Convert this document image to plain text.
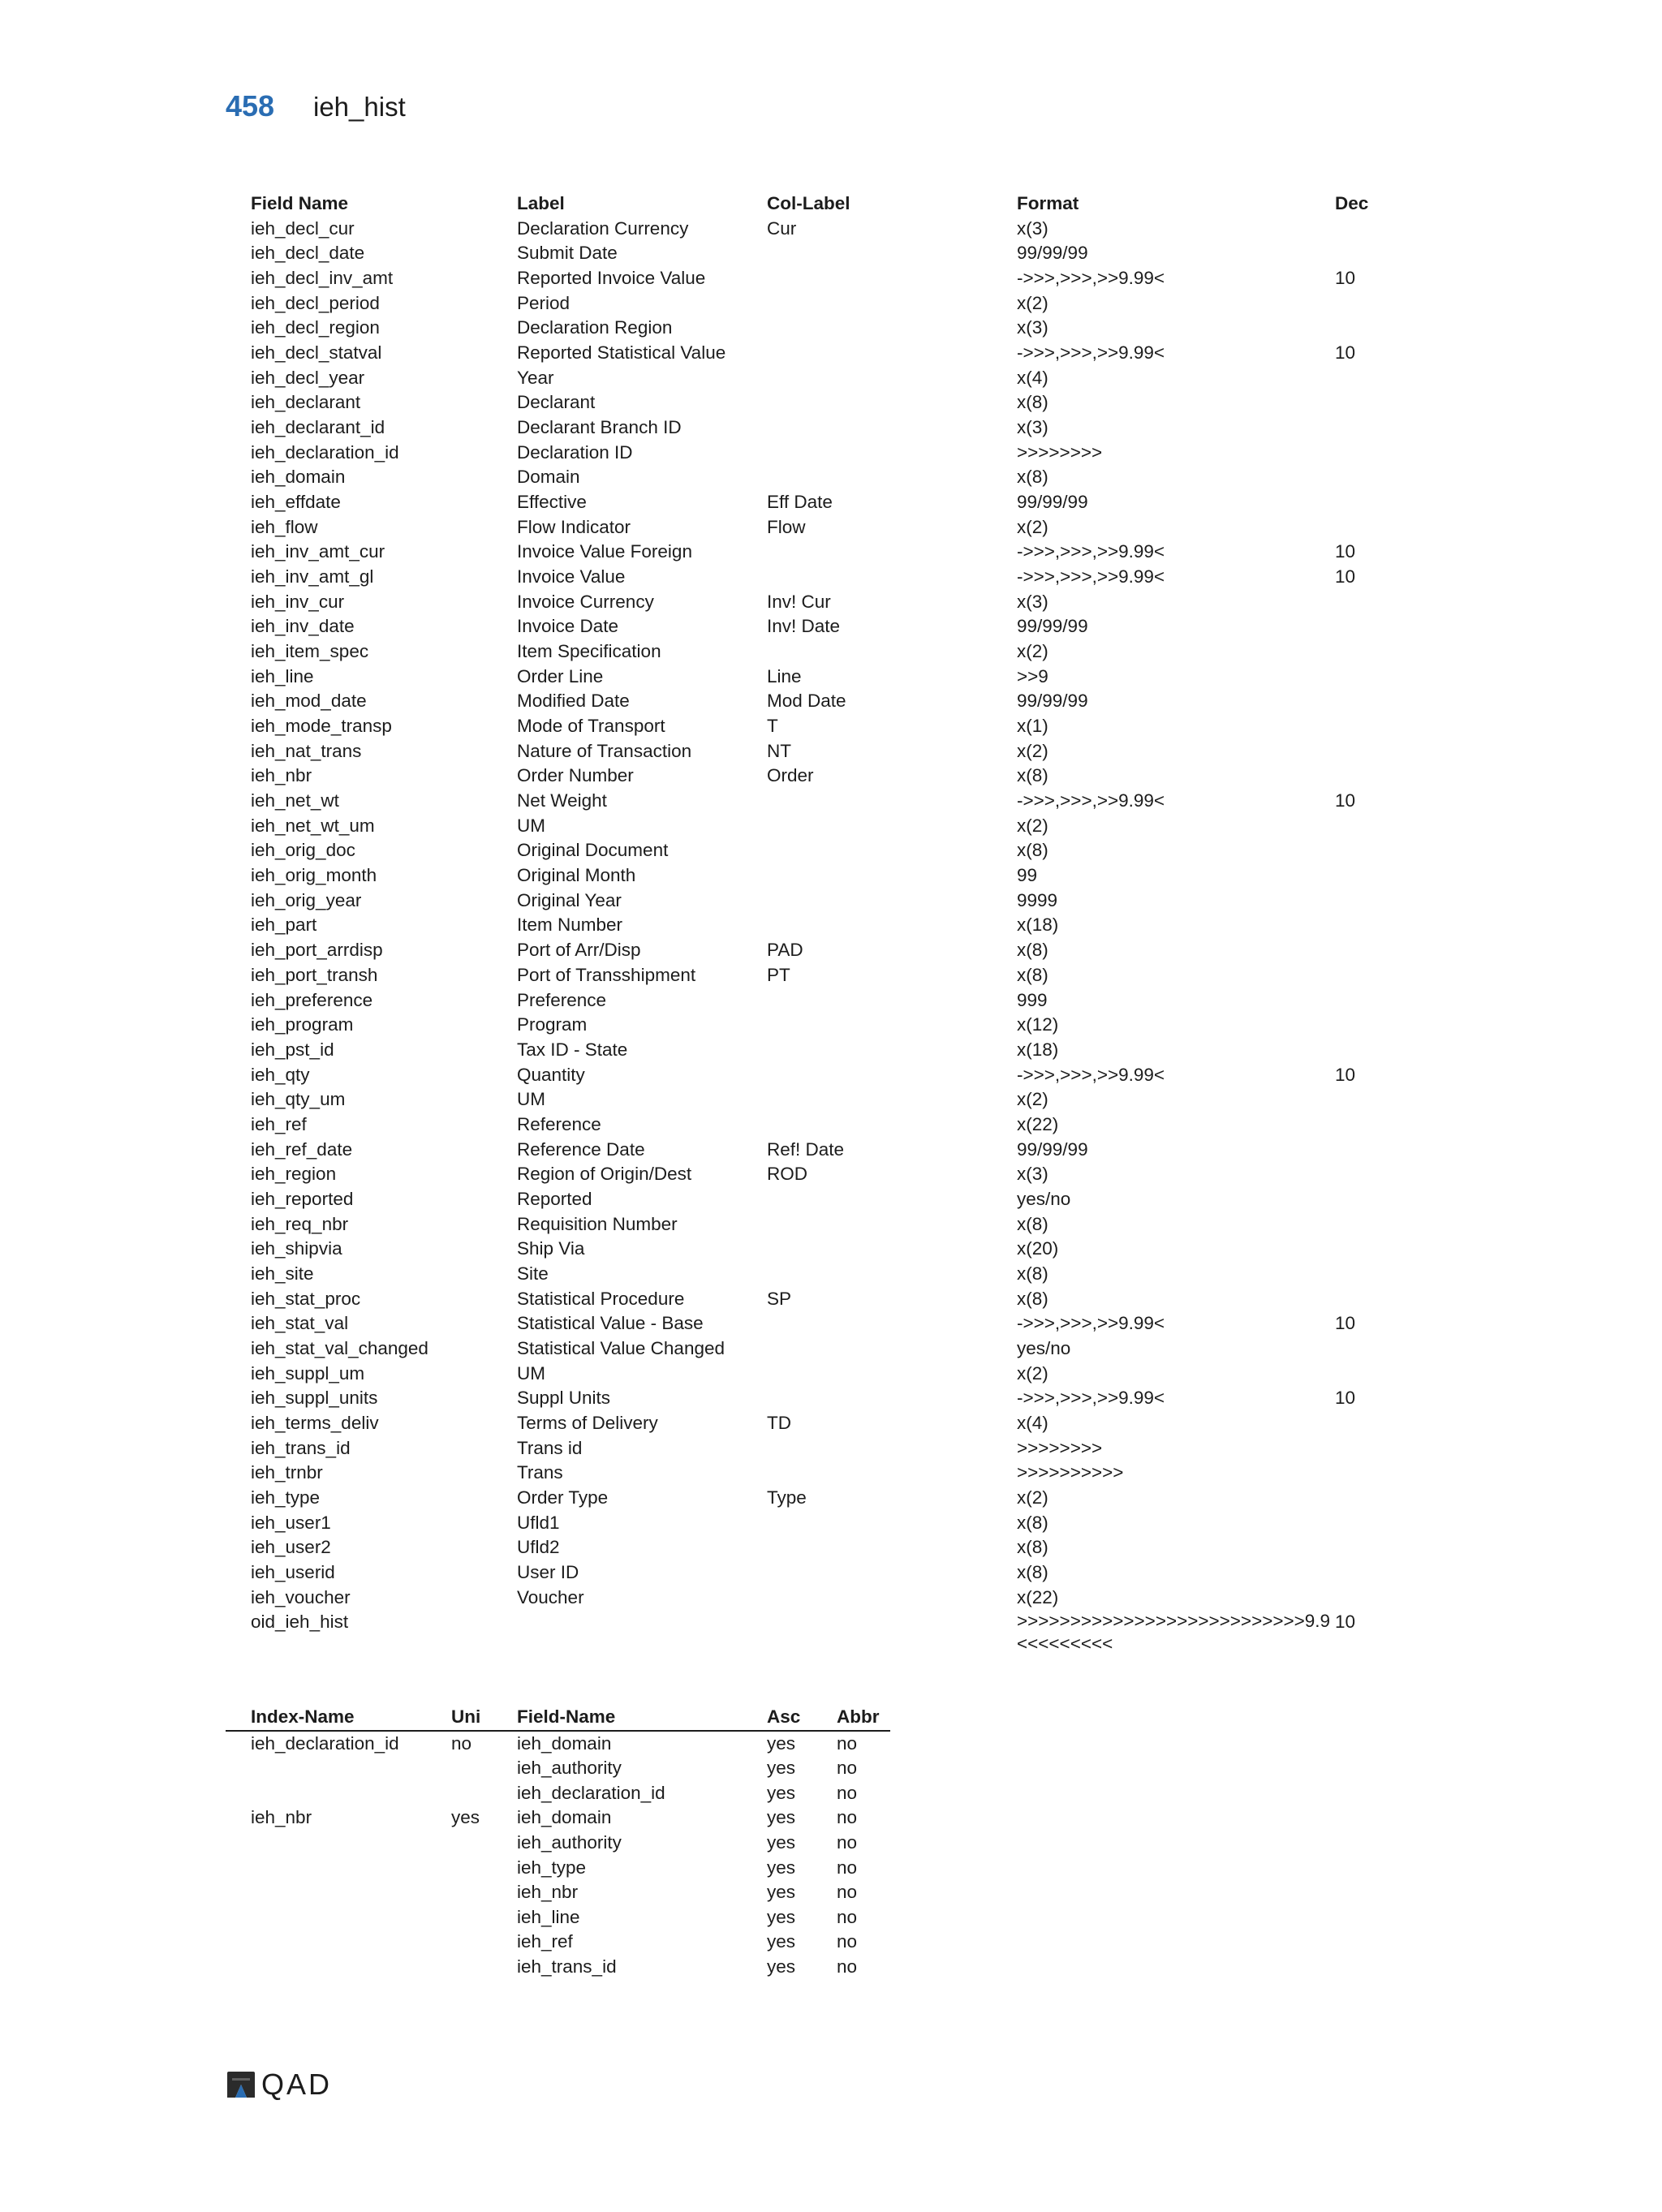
458	ieh_hist
	Field Name	Label	Col-Label	Format	Dec
	ieh_decl_cur	Declaration Currency	Cur	x(3)	
	ieh_decl_date	Submit Date		99/99/99	
	ieh_decl_inv_amt	Reported Invoice Value		->>>,>>>,>>9.99<	10
	ieh_decl_period	Period		x(2)	
	ieh_decl_region	Declaration Region		x(3)	
	ieh_decl_statval	Reported Statistical Value		->>>,>>>,>>9.99<	10
	ieh_decl_year	Year		x(4)	
	ieh_declarant	Declarant		x(8)	
	ieh_declarant_id	Declarant Branch ID		x(3)	
	ieh_declaration_id	Declaration ID		>>>>>>>>	
	ieh_domain	Domain		x(8)	
	ieh_effdate	Effective	Eff Date	99/99/99	
	ieh_flow	Flow Indicator	Flow	x(2)	
	ieh_inv_amt_cur	Invoice Value Foreign		->>>,>>>,>>9.99<	10
	ieh_inv_amt_gl	Invoice Value		->>>,>>>,>>9.99<	10
	ieh_inv_cur	Invoice Currency	Inv! Cur	x(3)	
	ieh_inv_date	Invoice Date	Inv! Date	99/99/99	
	ieh_item_spec	Item Specification		x(2)	
	ieh_line	Order Line	Line	>>9	
	ieh_mod_date	Modified Date	Mod Date	99/99/99	
	ieh_mode_transp	Mode of Transport	T	x(1)	
	ieh_nat_trans	Nature of Transaction	NT	x(2)	
	ieh_nbr	Order Number	Order	x(8)	
	ieh_net_wt	Net Weight		->>>,>>>,>>9.99<	10
	ieh_net_wt_um	UM		x(2)	
	ieh_orig_doc	Original Document		x(8)	
	ieh_orig_month	Original Month		99	
	ieh_orig_year	Original Year		9999	
	ieh_part	Item Number		x(18)	
	ieh_port_arrdisp	Port of Arr/Disp	PAD	x(8)	
	ieh_port_transh	Port of Transshipment	PT	x(8)	
	ieh_preference	Preference		999	
	ieh_program	Program		x(12)	
	ieh_pst_id	Tax ID - State		x(18)	
	ieh_qty	Quantity		->>>,>>>,>>9.99<	10
	ieh_qty_um	UM		x(2)	
	ieh_ref	Reference		x(22)	
	ieh_ref_date	Reference Date	Ref! Date	99/99/99	
	ieh_region	Region of Origin/Dest	ROD	x(3)	
	ieh_reported	Reported		yes/no	
	ieh_req_nbr	Requisition Number		x(8)	
	ieh_shipvia	Ship Via		x(20)	
	ieh_site	Site		x(8)	
	ieh_stat_proc	Statistical Procedure	SP	x(8)	
	ieh_stat_val	Statistical Value - Base		->>>,>>>,>>9.99<	10
	ieh_stat_val_changed	Statistical Value Changed		yes/no	
	ieh_suppl_um	UM		x(2)	
	ieh_suppl_units	Suppl Units		->>>,>>>,>>9.99<	10
	ieh_terms_deliv	Terms of Delivery	TD	x(4)	
	ieh_trans_id	Trans id		>>>>>>>>	
	ieh_trnbr	Trans		>>>>>>>>>>	
	ieh_type	Order Type	Type	x(2)	
	ieh_user1	Ufld1		x(8)	
	ieh_user2	Ufld2		x(8)	
	ieh_userid	User ID		x(8)	
	ieh_voucher	Voucher		x(22)	
	oid_ieh_hist			>>>>>>>>>>>>>>>>>>>>>>>>>>>9.9<<<<<<<<<	10
	Index-Name	Uni	Field-Name	Asc	Abbr
	ieh_declaration_id	no	ieh_domain	yes	no
			ieh_authority	yes	no
			ieh_declaration_id	yes	no
	ieh_nbr	yes	ieh_domain	yes	no
			ieh_authority	yes	no
			ieh_type	yes	no
			ieh_nbr	yes	no
			ieh_line	yes	no
			ieh_ref	yes	no
			ieh_trans_id	yes	no
QAD
